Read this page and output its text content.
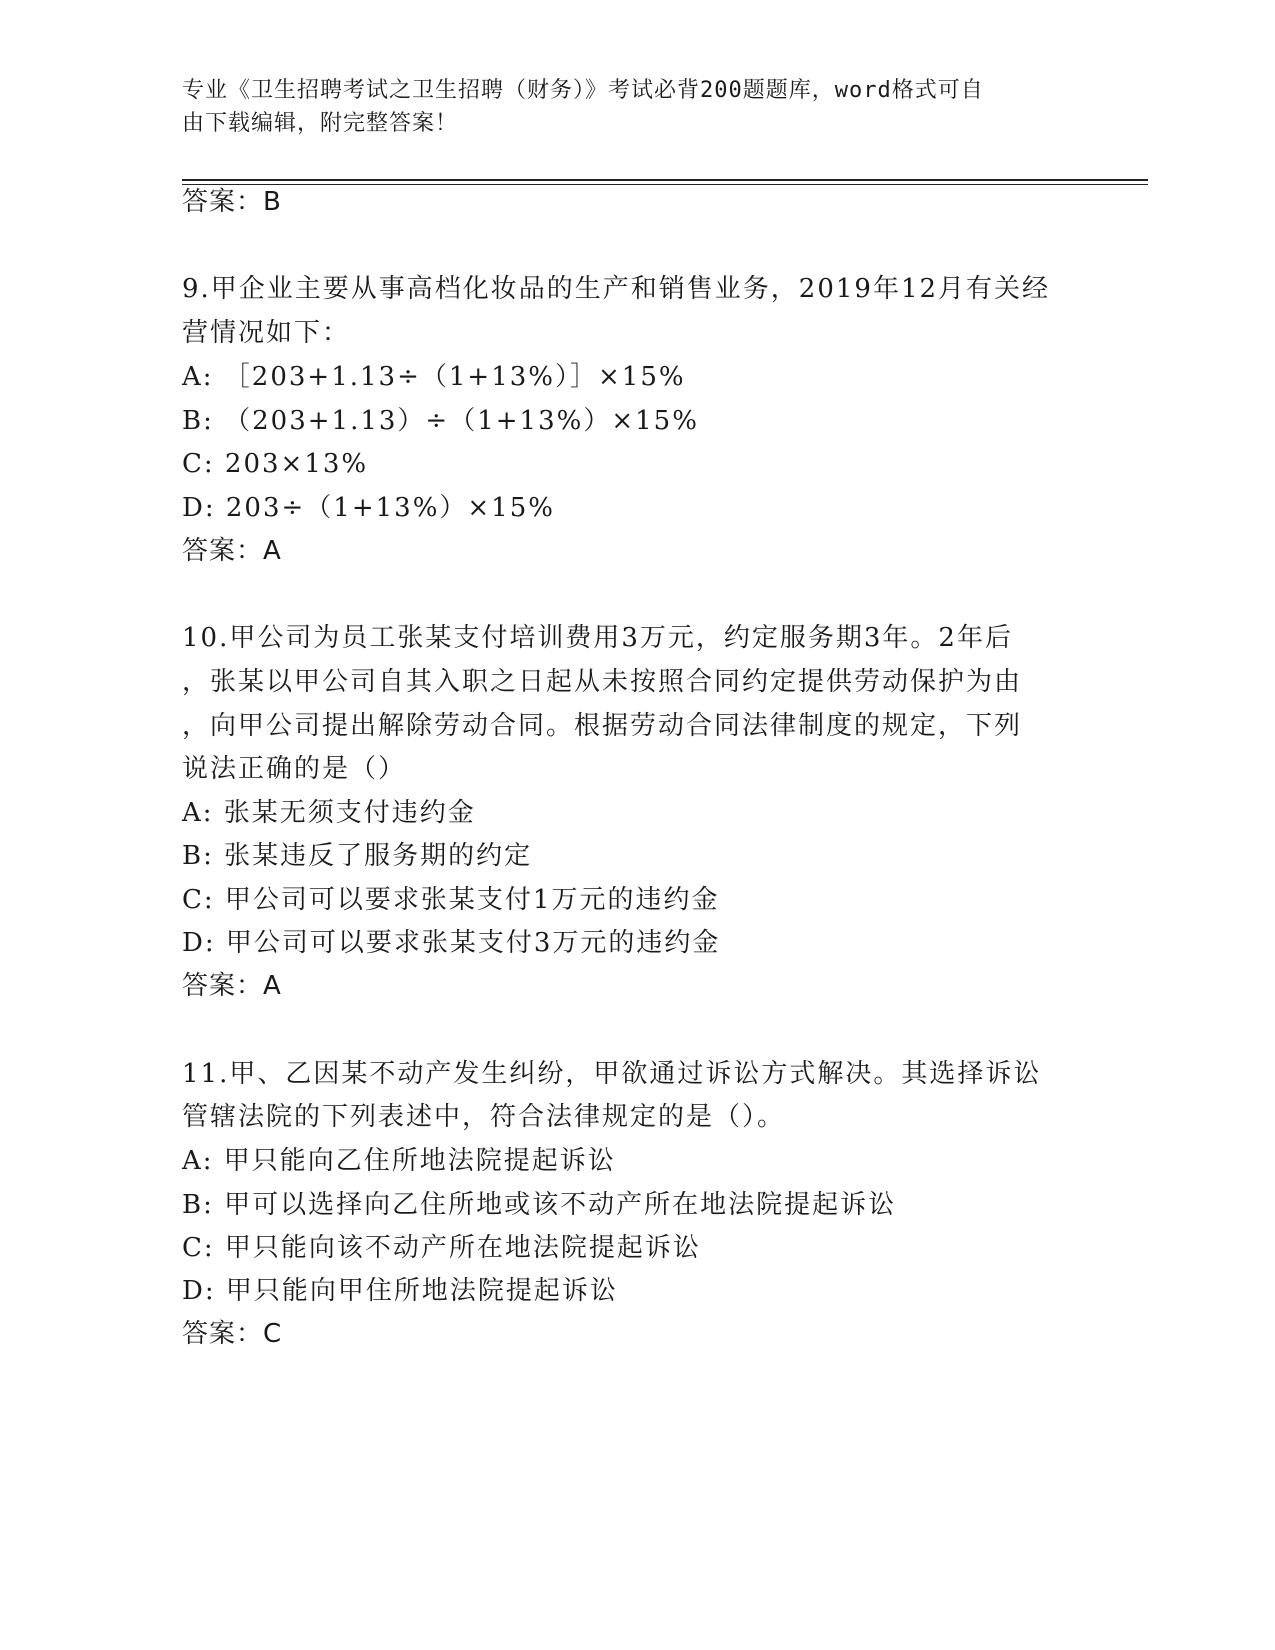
专业《卫生招聘考试之卫生招聘（财务）》考试必背200题题库，word格式可自
由下载编辑，附完整答案！
答案：B
9.甲企业主要从事高档化妆品的生产和销售业务，2019年12月有关经
营情况如下：
A: ［203+1.13÷（1+13%）］×15%
B: （203+1.13）÷（1+13%）×15%
C: 203×13%
D: 203÷（1+13%）×15%
答案：A
10.甲公司为员工张某支付培训费用3万元，约定服务期3年。2年后
，张某以甲公司自其入职之日起从未按照合同约定提供劳动保护为由
，向甲公司提出解除劳动合同。根据劳动合同法律制度的规定，下列
说法正确的是（）
A: 张某无须支付违约金
B: 张某违反了服务期的约定
C: 甲公司可以要求张某支付1万元的违约金
D: 甲公司可以要求张某支付3万元的违约金
答案：A
11.甲、乙因某不动产发生纠纷，甲欲通过诉讼方式解决。其选择诉讼
管辖法院的下列表述中，符合法律规定的是（）。
A: 甲只能向乙住所地法院提起诉讼
B: 甲可以选择向乙住所地或该不动产所在地法院提起诉讼
C: 甲只能向该不动产所在地法院提起诉讼
D: 甲只能向甲住所地法院提起诉讼
答案：C
